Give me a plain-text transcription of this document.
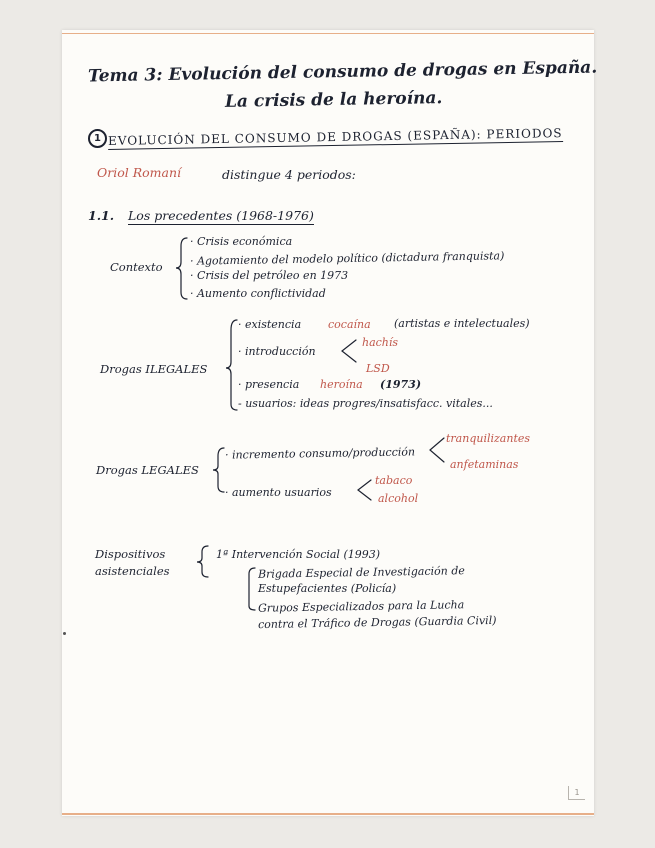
Tema 3: Evolución del consumo de drogas en España.
La crisis de la heroína.
1 EVOLUCIÓN DEL CONSUMO DE DROGAS (ESPAÑA): PERIODOS
Oriol Romaní	distingue 4 periodos:
1.1. Los precedentes (1968-1976)
Contexto
· Crisis económica
· Agotamiento del modelo político (dictadura franquista)
· Crisis del petróleo en 1973
· Aumento conflictividad
Drogas ILEGALES
· existencia cocaína (artistas e intelectuales)
· introducción
hachís
LSD
· presencia heroína (1973)
- usuarios: ideas progres/insatisfacc. vitales...
Drogas LEGALES
· incremento consumo/producción
tranquilizantes
anfetaminas
· aumento usuarios
tabaco
alcohol
Dispositivos
asistenciales
1ª Intervención Social (1993)
Brigada Especial de Investigación de
Estupefacientes (Policía)
Grupos Especializados para la Lucha
contra el Tráfico de Drogas (Guardia Civil)
1
